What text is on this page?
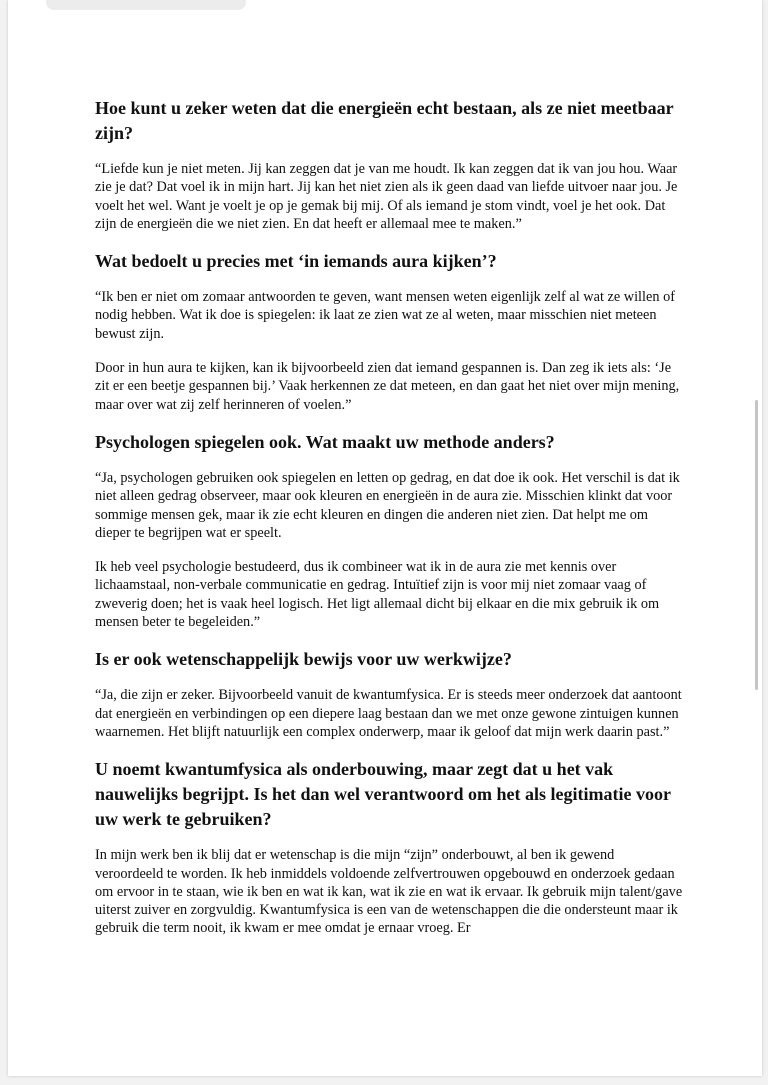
Hoe kunt u zeker weten dat die energieën echt bestaan, als ze niet meetbaar zijn?

“Liefde kun je niet meten. Jij kan zeggen dat je van me houdt. Ik kan zeggen dat ik van jou hou. Waar zie je dat? Dat voel ik in mijn hart. Jij kan het niet zien als ik geen daad van liefde uitvoer naar jou. Je voelt het wel. Want je voelt je op je gemak bij mij. Of als iemand je stom vindt, voel je het ook. Dat zijn de energieën die we niet zien. En dat heeft er allemaal mee te maken.”

Wat bedoelt u precies met ‘in iemands aura kijken’?

“Ik ben er niet om zomaar antwoorden te geven, want mensen weten eigenlijk zelf al wat ze willen of nodig hebben. Wat ik doe is spiegelen: ik laat ze zien wat ze al weten, maar misschien niet meteen bewust zijn.

Door in hun aura te kijken, kan ik bijvoorbeeld zien dat iemand gespannen is. Dan zeg ik iets als: ‘Je zit er een beetje gespannen bij.’ Vaak herkennen ze dat meteen, en dan gaat het niet over mijn mening, maar over wat zij zelf herinneren of voelen.”

Psychologen spiegelen ook. Wat maakt uw methode anders?

“Ja, psychologen gebruiken ook spiegelen en letten op gedrag, en dat doe ik ook. Het verschil is dat ik niet alleen gedrag observeer, maar ook kleuren en energieën in de aura zie. Misschien klinkt dat voor sommige mensen gek, maar ik zie echt kleuren en dingen die anderen niet zien. Dat helpt me om dieper te begrijpen wat er speelt.

Ik heb veel psychologie bestudeerd, dus ik combineer wat ik in de aura zie met kennis over lichaamstaal, non-verbale communicatie en gedrag. Intuïtief zijn is voor mij niet zomaar vaag of zweverig doen; het is vaak heel logisch. Het ligt allemaal dicht bij elkaar en die mix gebruik ik om mensen beter te begeleiden.”

Is er ook wetenschappelijk bewijs voor uw werkwijze?

“Ja, die zijn er zeker. Bijvoorbeeld vanuit de kwantumfysica. Er is steeds meer onderzoek dat aantoont dat energieën en verbindingen op een diepere laag bestaan dan we met onze gewone zintuigen kunnen waarnemen. Het blijft natuurlijk een complex onderwerp, maar ik geloof dat mijn werk daarin past.”

U noemt kwantumfysica als onderbouwing, maar zegt dat u het vak nauwelijks begrijpt. Is het dan wel verantwoord om het als legitimatie voor uw werk te gebruiken?

In mijn werk ben ik blij dat er wetenschap is die mijn “zijn” onderbouwt, al ben ik gewend veroordeeld te worden. Ik heb inmiddels voldoende zelfvertrouwen opgebouwd en onderzoek gedaan om ervoor in te staan, wie ik ben en wat ik kan, wat ik zie en wat ik ervaar. Ik gebruik mijn talent/gave uiterst zuiver en zorgvuldig. Kwantumfysica is een van de wetenschappen die die ondersteunt maar ik gebruik die term nooit, ik kwam er mee omdat je ernaar vroeg. Er
